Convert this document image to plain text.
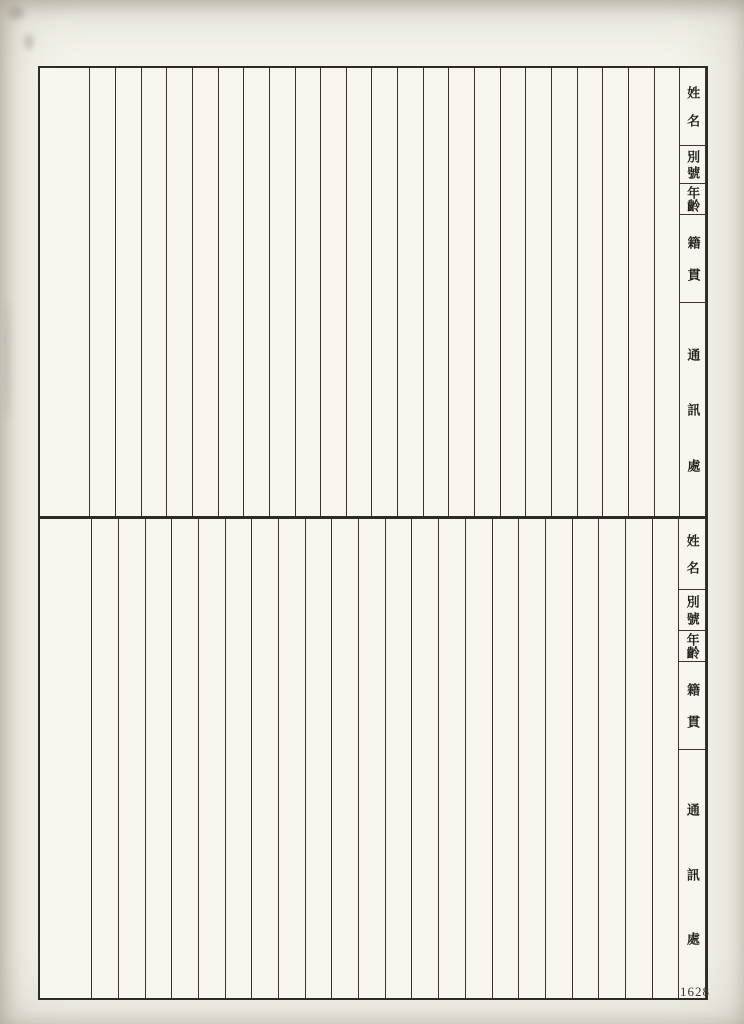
姓
名
別
號
年
齡
籍
貫
通
訊
處
姓
名
別
號
年
齡
籍
貫
通
訊
處
1628
